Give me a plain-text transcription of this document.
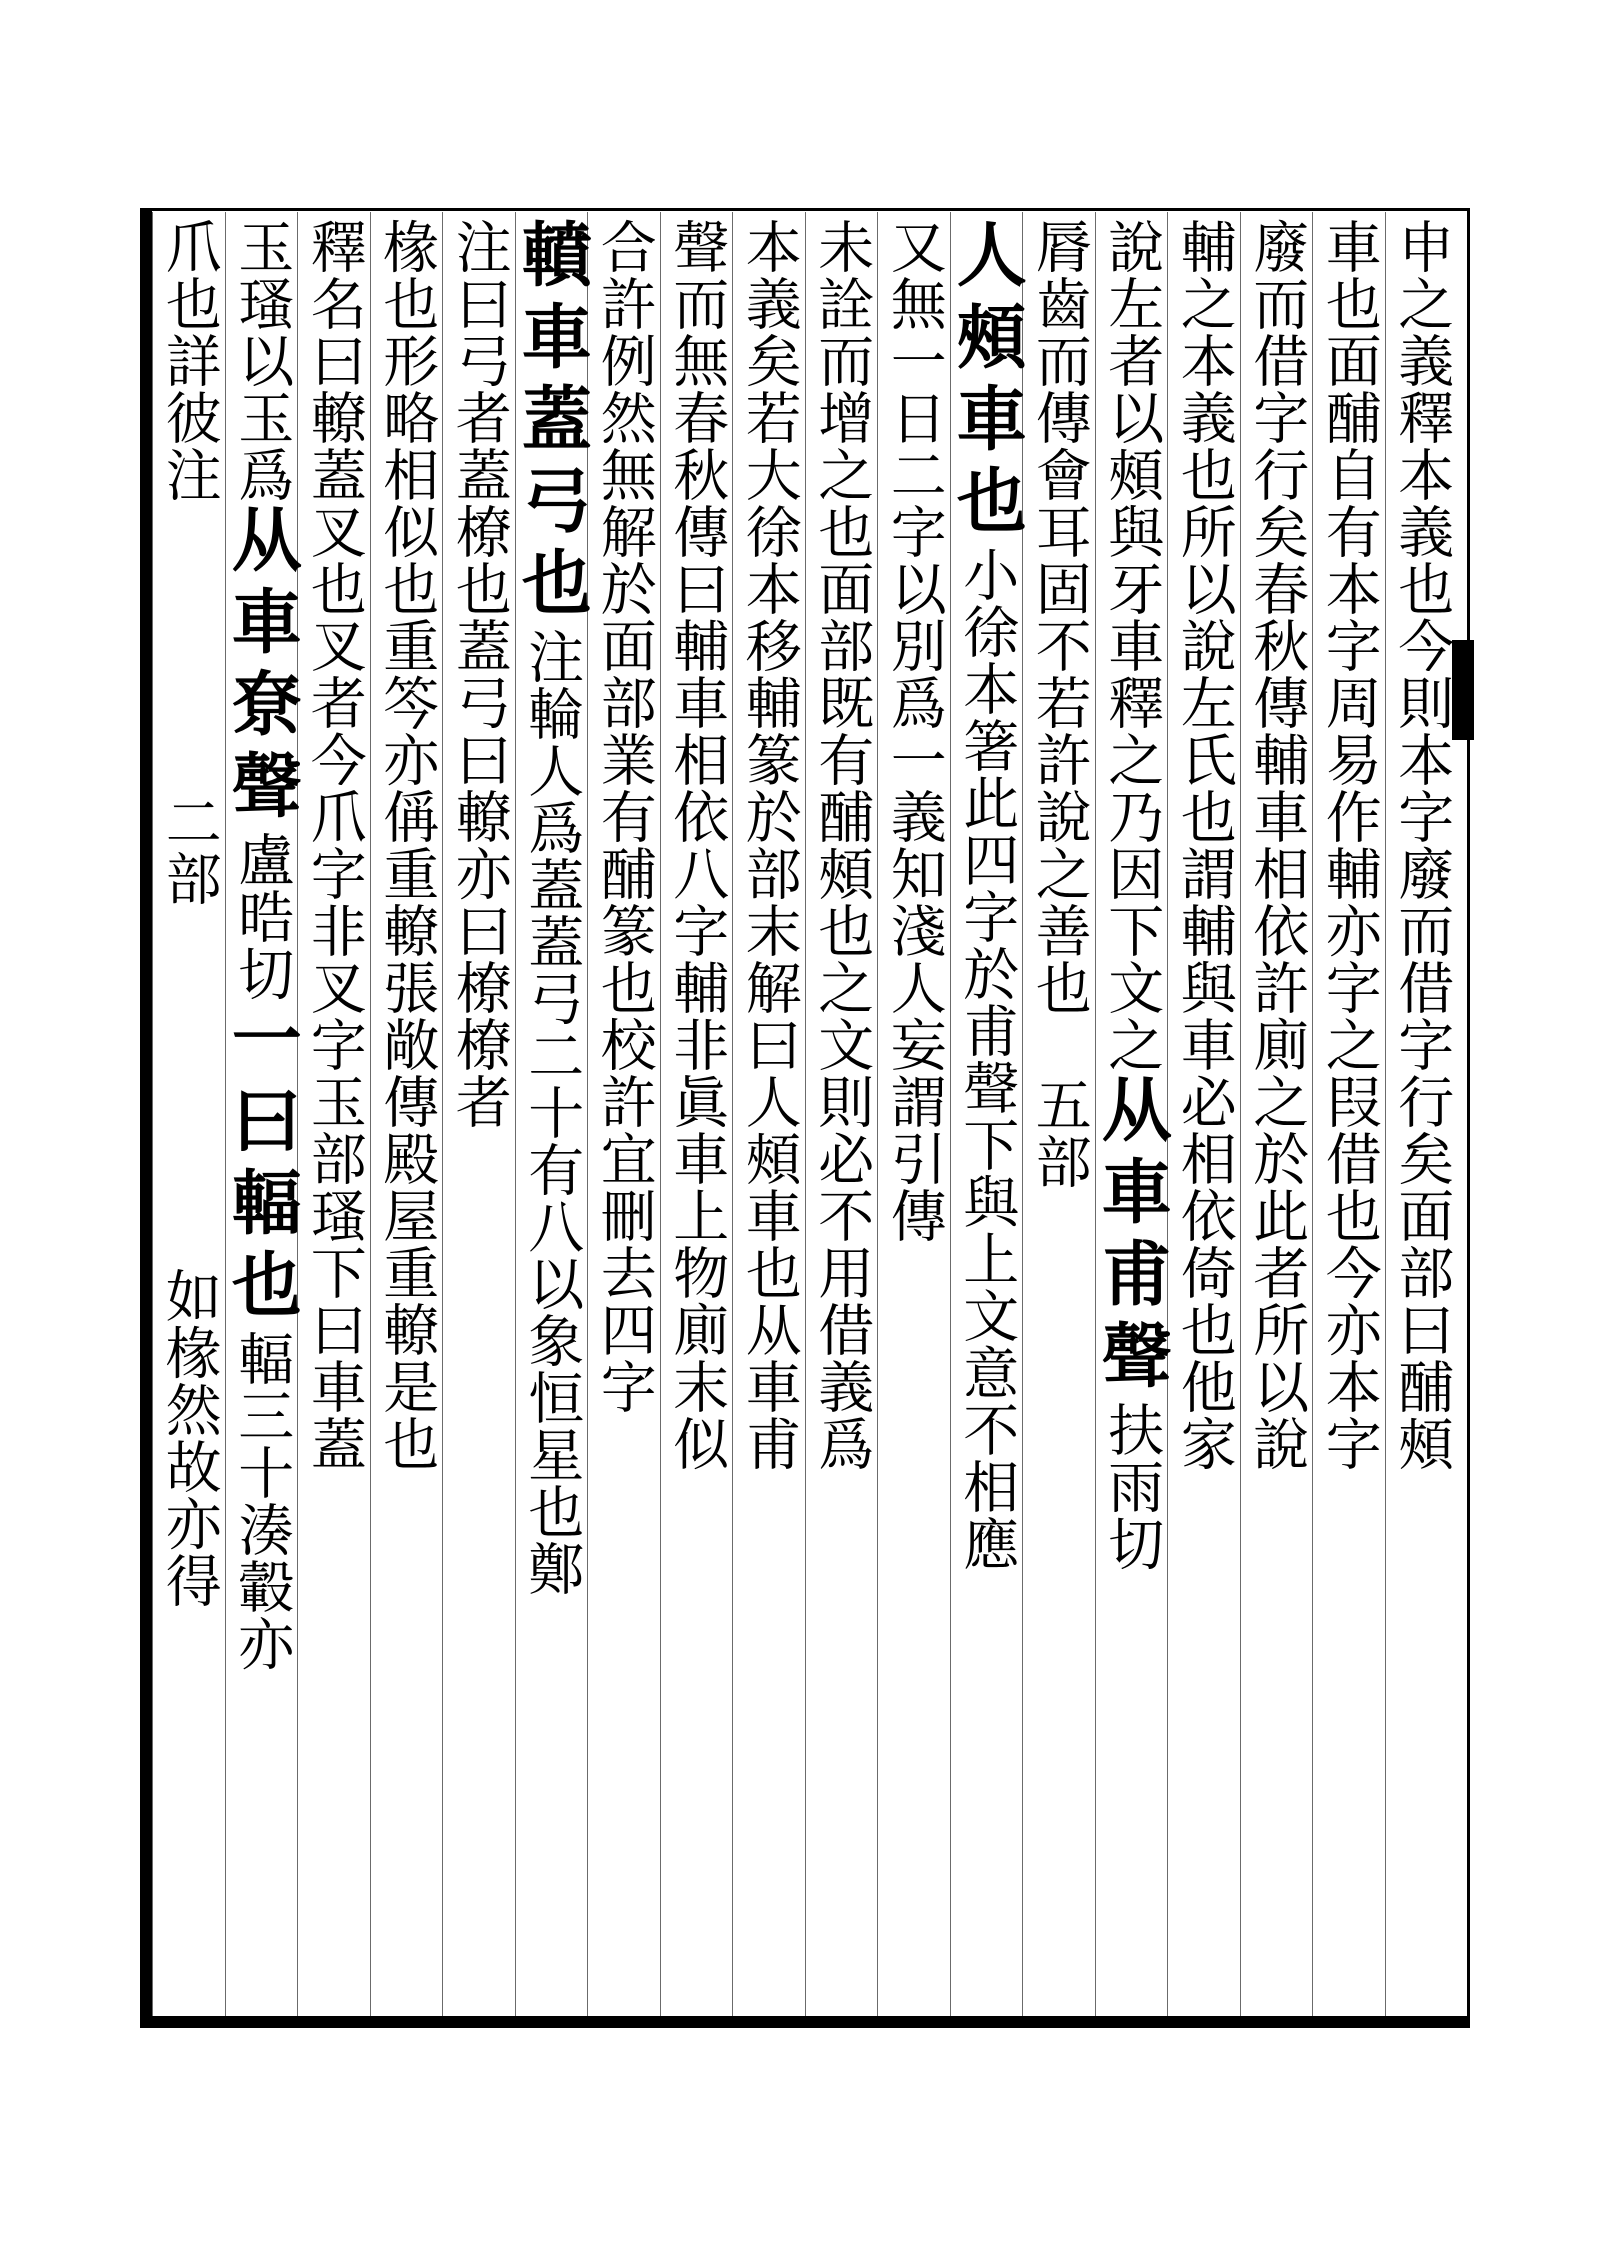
申之義釋本義也今則本字廢而借字行矣面部曰酺頰
車也面酺自有本字周易作輔亦字之叚借也今亦本字
廢而借字行矣春秋傳輔車相依許廁之於此者所以說
輔之本義也所以說左氏也謂輔與車必相依倚也他家
說左者以頰與牙車釋之乃因下文之
从車甫聲
扶雨切
脣齒而傳會耳固不若許說之善也
五部
人頰車也
小徐本箸此四字於甫聲下與上文意不相應
又無一日二字以別爲一義知淺人妄謂引傳
未詮而增之也面部既有酺頰也之文則必不用借義爲
本義矣若大徐本移輔篆於部末解曰人頰車也从車甫
聲而無春秋傳曰輔車相依八字輔非眞車上物廁末似
合許例然無解於面部業有酺篆也校許宜刪去四字
轒
車蓋弓也
注輪人爲蓋蓋弓二十有八以象恒星也鄭
注曰弓者蓋橑也蓋弓曰轑亦曰橑橑者
椽也形略相似也重笒亦偁重轑張敞傳殿屋重轑是也
釋名曰轑蓋叉也叉者今爪字非叉字玉部瑵下曰車蓋
玉瑵以玉爲
从車尞聲
盧晧切
一曰輻也
輻三十湊轂亦
爪也詳彼注
二部
如椽然故亦得
